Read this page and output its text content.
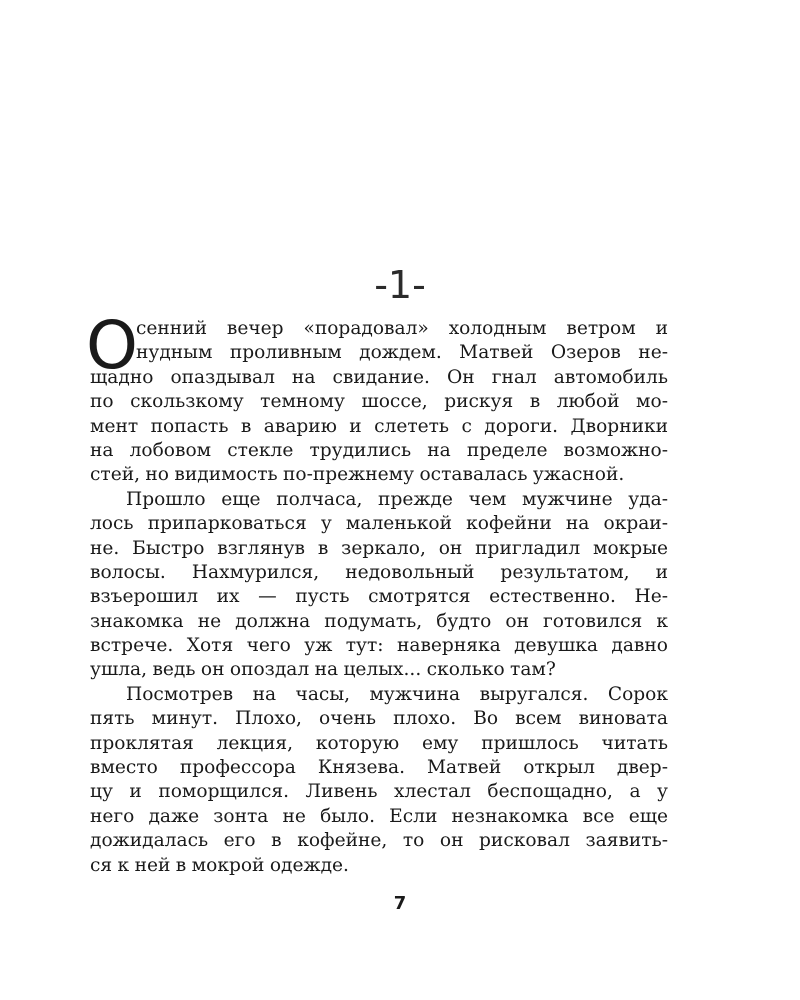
-1-
О
сенний вечер «порадовал» холодным ветром и
нудным проливным дождем. Матвей Озеров не-
щадно опаздывал на свидание. Он гнал автомобиль
по скользкому темному шоссе, рискуя в любой мо-
мент попасть в аварию и слететь с дороги. Дворники
на лобовом стекле трудились на пределе возможно-
стей, но видимость по-прежнему оставалась ужасной.
Прошло еще полчаса, прежде чем мужчине уда-
лось припарковаться у маленькой кофейни на окраи-
не. Быстро взглянув в зеркало, он пригладил мокрые
волосы. Нахмурился, недовольный результатом, и
взъерошил их — пусть смотрятся естественно. Не-
знакомка не должна подумать, будто он готовился к
встрече. Хотя чего уж тут: наверняка девушка давно
ушла, ведь он опоздал на целых... сколько там?
Посмотрев на часы, мужчина выругался. Сорок
пять минут. Плохо, очень плохо. Во всем виновата
проклятая лекция, которую ему пришлось читать
вместо профессора Князева. Матвей открыл двер-
цу и поморщился. Ливень хлестал беспощадно, а у
него даже зонта не было. Если незнакомка все еще
дожидалась его в кофейне, то он рисковал заявить-
ся к ней в мокрой одежде.
7
